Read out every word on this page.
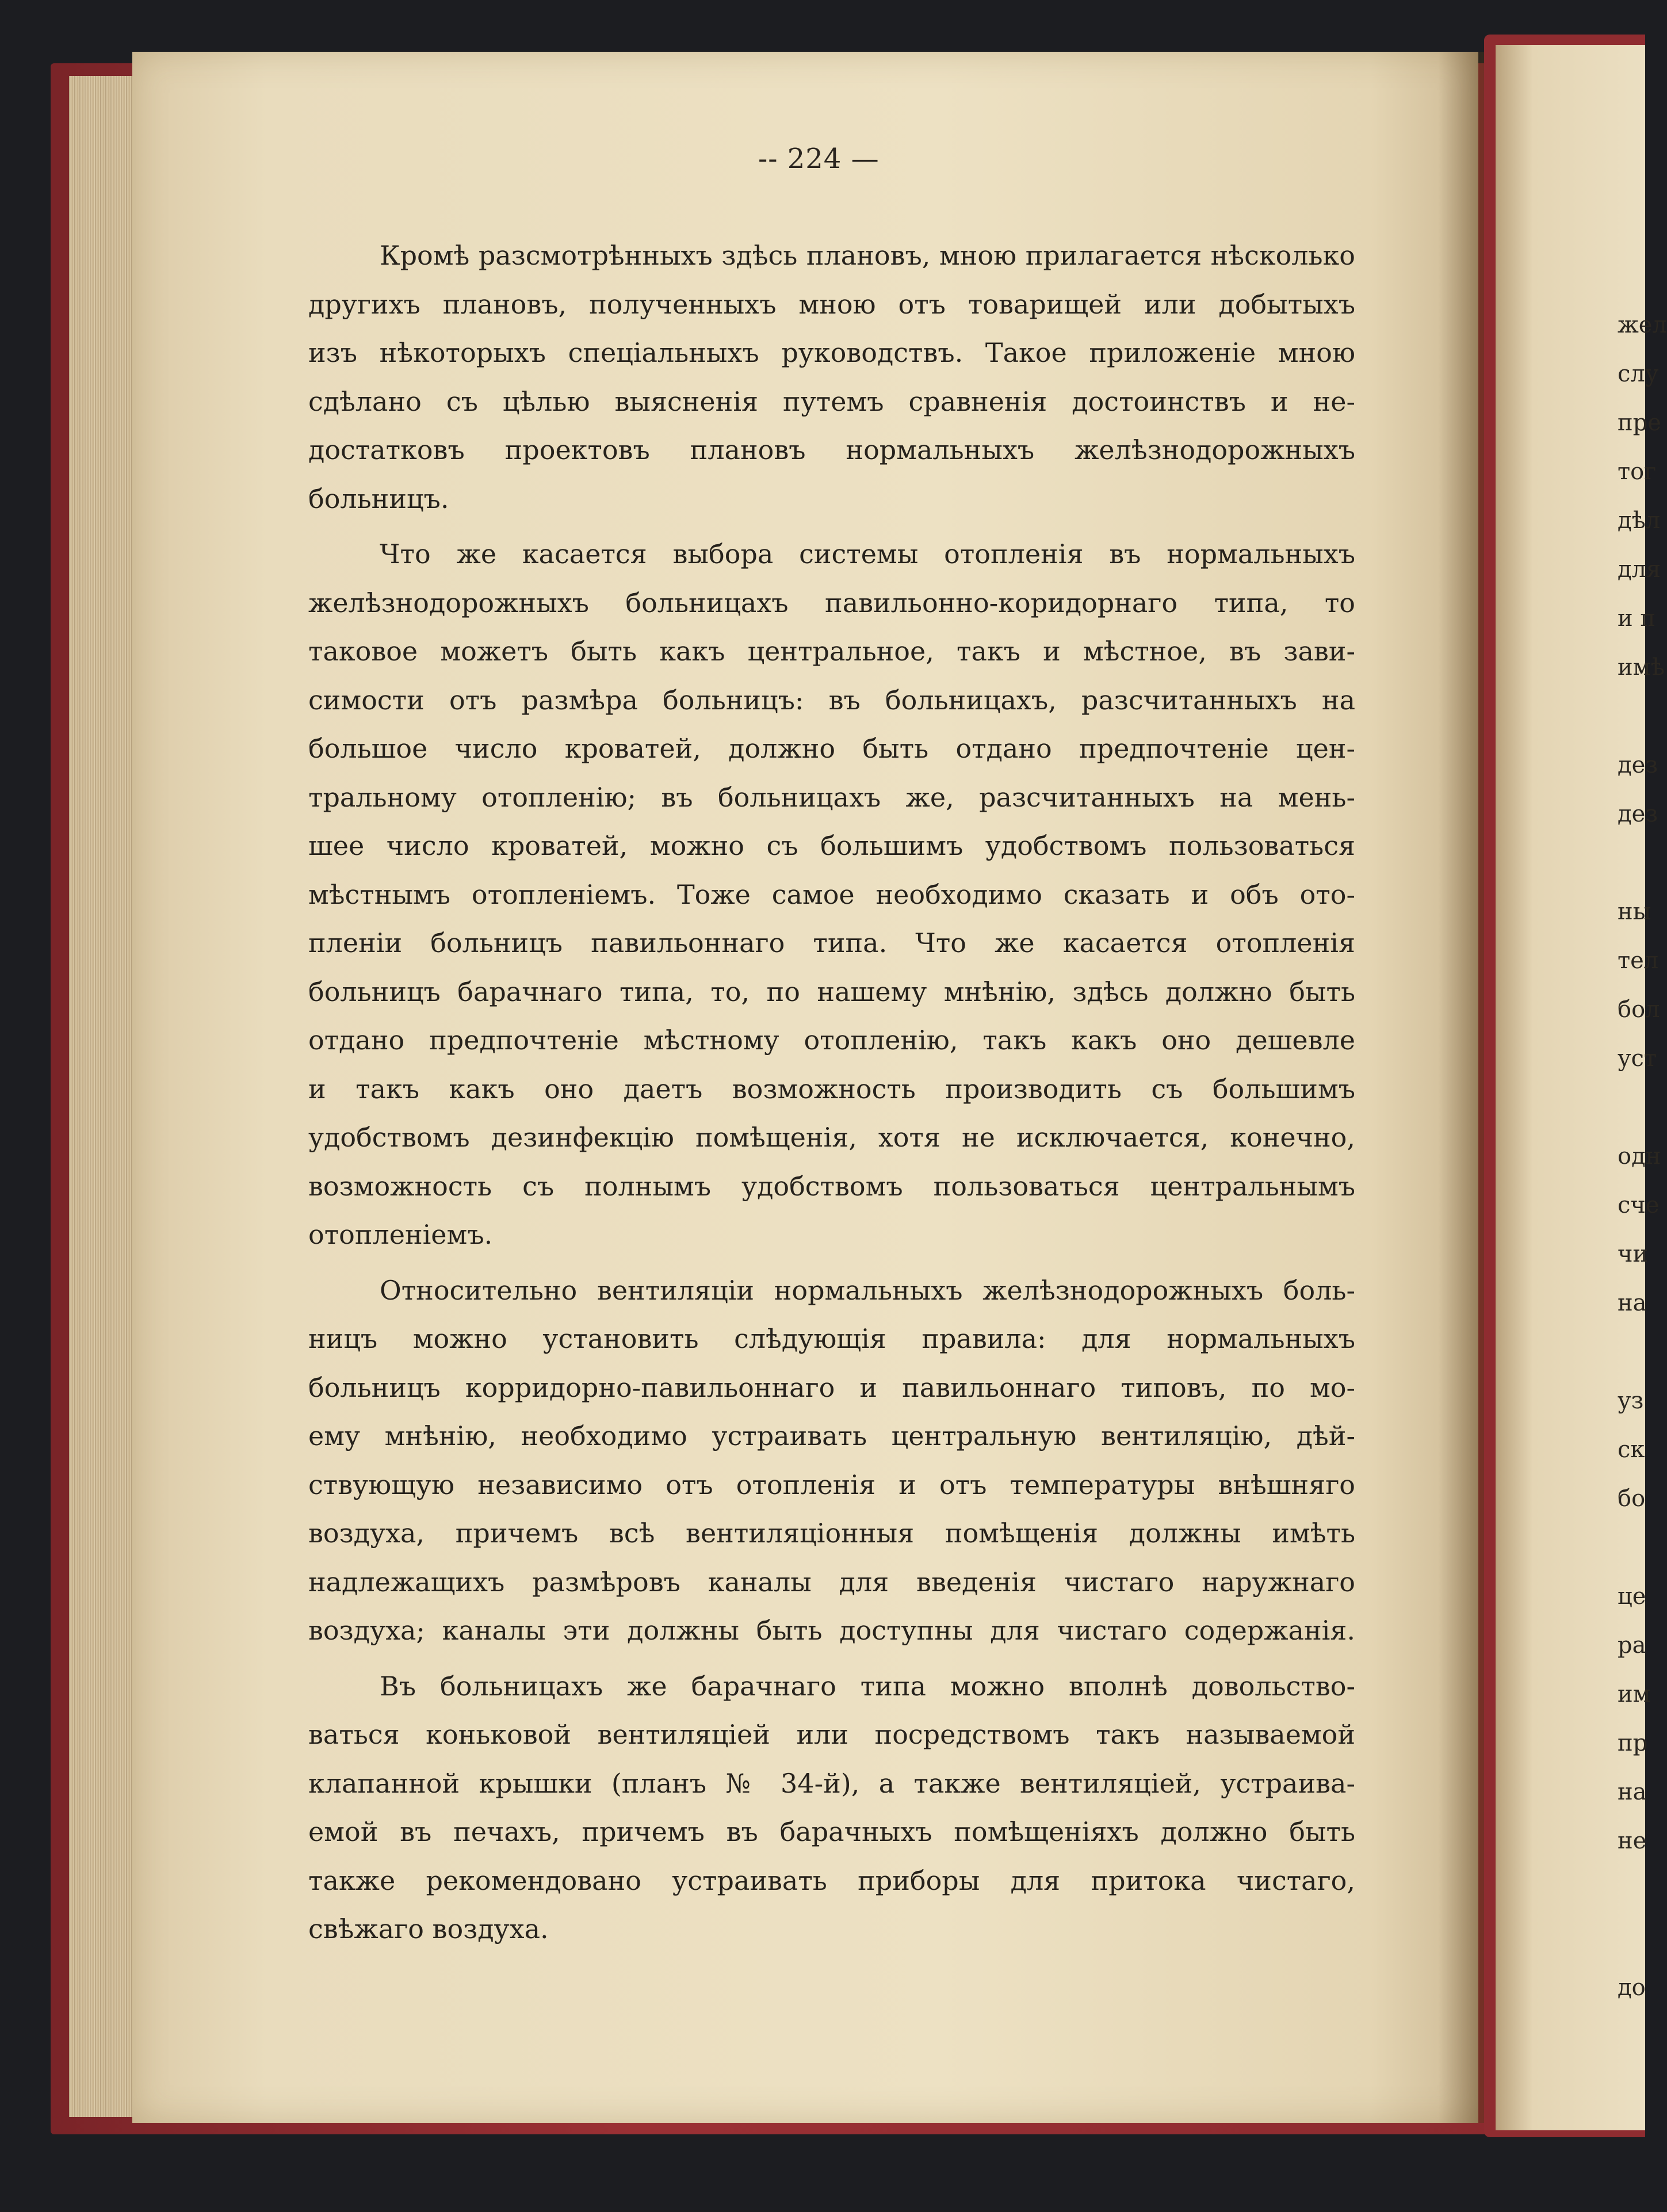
-- 224 —
Кромѣ разсмотрѣнныхъ здѣсь плановъ, мною прилагается нѣсколько
другихъ плановъ, полученныхъ мною отъ товарищей или добытыхъ
изъ нѣкоторыхъ спеціальныхъ руководствъ. Такое приложеніе мною
сдѣлано съ цѣлью выясненія путемъ сравненія достоинствъ и не-
достатковъ проектовъ плановъ нормальныхъ желѣзнодорожныхъ
больницъ.
Что же касается выбора системы отопленія въ нормальныхъ
желѣзнодорожныхъ больницахъ павильонно-коридорнаго типа, то
таковое можетъ быть какъ центральное, такъ и мѣстное, въ зави-
симости отъ размѣра больницъ: въ больницахъ, разсчитанныхъ на
большое число кроватей, должно быть отдано предпочтеніе цен-
тральному отопленію; въ больницахъ же, разсчитанныхъ на мень-
шее число кроватей, можно съ большимъ удобствомъ пользоваться
мѣстнымъ отопленіемъ. Тоже самое необходимо сказать и объ ото-
пленіи больницъ павильоннаго типа. Что же касается отопленія
больницъ барачнаго типа, то, по нашему мнѣнію, здѣсь должно быть
отдано предпочтеніе мѣстному отопленію, такъ какъ оно дешевле
и такъ какъ оно даетъ возможность производить съ большимъ
удобствомъ дезинфекцію помѣщенія, хотя не исключается, конечно,
возможность съ полнымъ удобствомъ пользоваться центральнымъ
отопленіемъ.
Относительно вентиляціи нормальныхъ желѣзнодорожныхъ боль-
ницъ можно установить слѣдующія правила: для нормальныхъ
больницъ корридорно-павильоннаго и павильоннаго типовъ, по мо-
ему мнѣнію, необходимо устраивать центральную вентиляцію, дѣй-
ствующую независимо отъ отопленія и отъ температуры внѣшняго
воздуха, причемъ всѣ вентиляціонныя помѣщенія должны имѣть
надлежащихъ размѣровъ каналы для введенія чистаго наружнаго
воздуха; каналы эти должны быть доступны для чистаго содержанія.
Въ больницахъ же барачнаго типа можно вполнѣ довольство-
ваться коньковой вентиляціей или посредствомъ такъ называемой
клапанной крышки (планъ № 34-й), а также вентиляціей, устраива-
емой въ печахъ, причемъ въ барачныхъ помѣщеніяхъ должно быть
также рекомендовано устраивать приборы для притока чистаго,
свѣжаго воздуха.
жел
слу
пре
тог
дѣл
для
и п
имѣ
дез
дез
ны
тел
бол
уст
одн
сче
чи
на
уз
ск
бо
це
ра
им
пр
на
не
до
